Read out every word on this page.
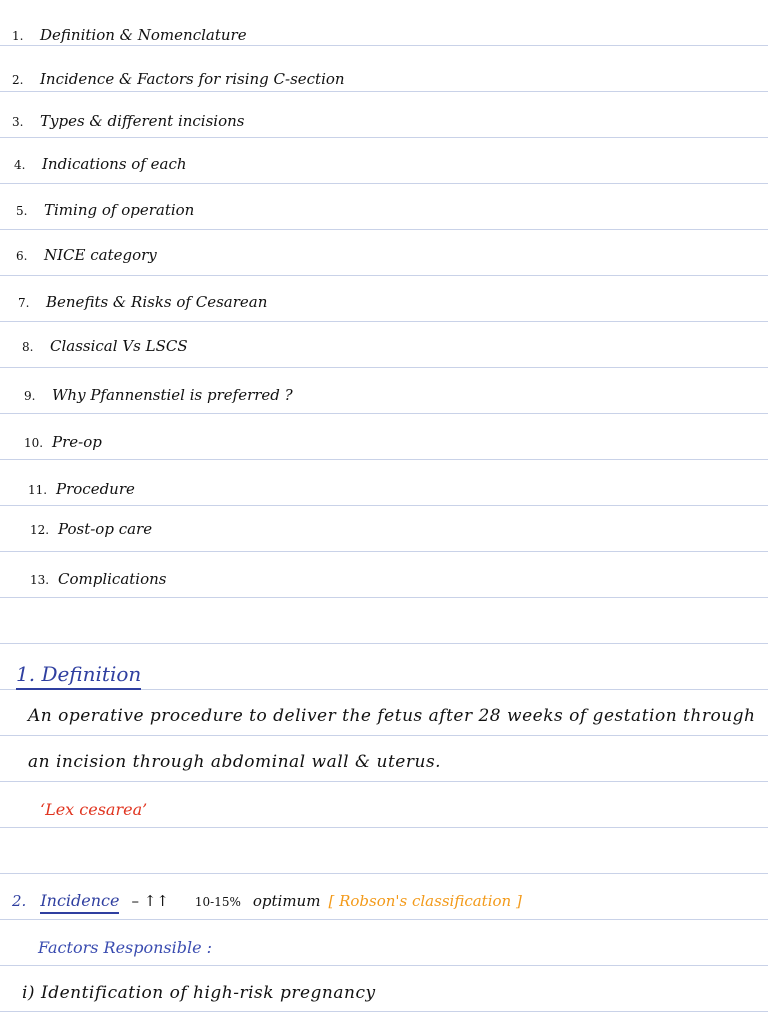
1. Definition & Nomenclature
2. Incidence & Factors for rising C-section
3. Types & different incisions
4. Indications of each
5. Timing of operation
6. NICE category
7. Benefits & Risks of Cesarean
8. Classical Vs LSCS
9. Why Pfannenstiel is preferred ?
10. Pre-op
11. Procedure
12. Post-op care
13. Complications
1. Definition
An operative procedure to deliver the fetus after 28 weeks of gestation through
an incision through abdominal wall & uterus.
‘Lex cesarea’
2. Incidence – ↑↑ 10-15% optimum [ Robson's classification ]
Factors Responsible :
i) Identification of high-risk pregnancy
